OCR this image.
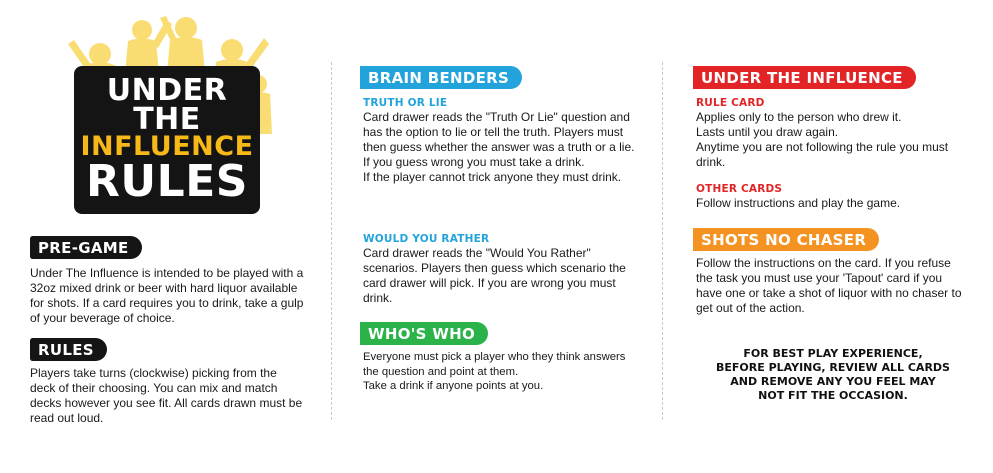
UNDER
THE
INFLUENCE
RULES
PRE-GAME

Under The Influence is intended to be played with a 32oz mixed drink or beer with hard liquor available for shots. If a card requires you to drink, take a gulp of your beverage of choice.

RULES

Players take turns (clockwise) picking from the deck of their choosing. You can mix and match decks however you see fit. All cards drawn must be read out loud.

BRAIN BENDERS
TRUTH OR LIE

Card drawer reads the "Truth Or Lie" question and has the option to lie or tell the truth. Players must then guess whether the answer was a truth or a lie.

If you guess wrong you must take a drink.

If the player cannot trick anyone they must drink.

WOULD YOU RATHER

Card drawer reads the "Would You Rather" scenarios. Players then guess which scenario the card drawer will pick. If you are wrong you must drink.

WHO'S WHO

Everyone must pick a player who they think answers the question and point at them.

Take a drink if anyone points at you.

UNDER THE INFLUENCE
RULE CARD

Applies only to the person who drew it.

Lasts until you draw again.

Anytime you are not following the rule you must drink.

OTHER CARDS

Follow instructions and play the game.

SHOTS NO CHASER

Follow the instructions on the card. If you refuse the task you must use your 'Tapout' card if you have one or take a shot of liquor with no chaser to get out of the action.

FOR BEST PLAY EXPERIENCE,
BEFORE PLAYING, REVIEW ALL CARDS
AND REMOVE ANY YOU FEEL MAY
NOT FIT THE OCCASION.
